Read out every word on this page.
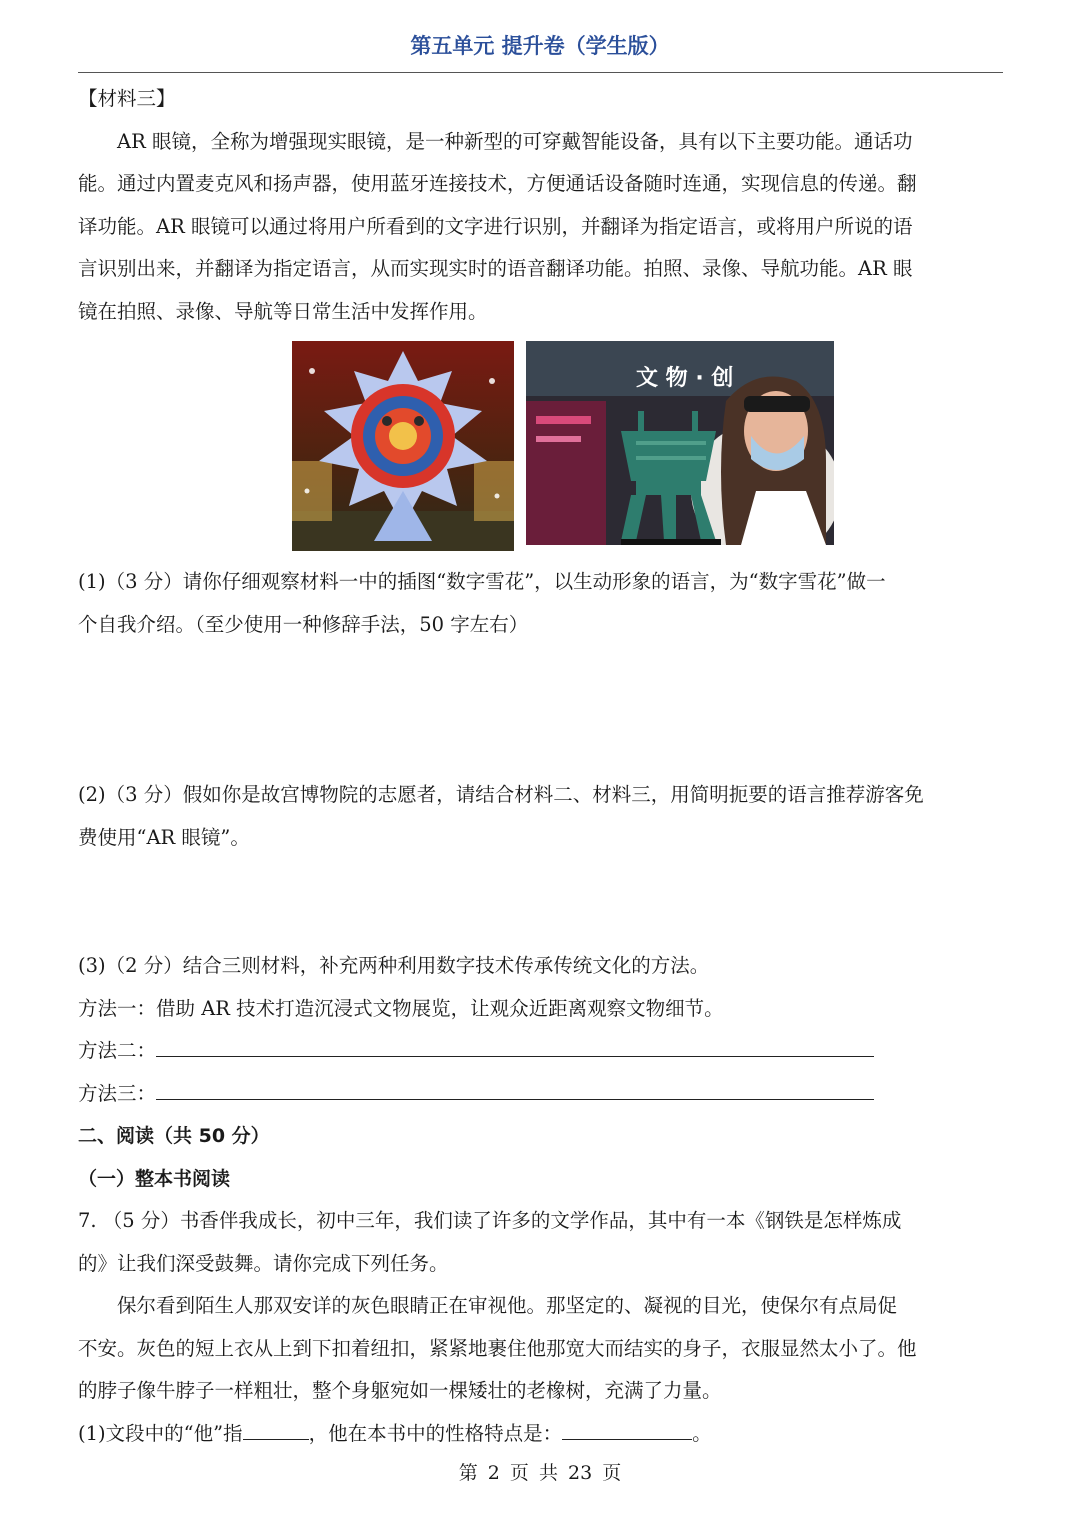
第五单元 提升卷（学生版）
【材料三】
AR 眼镜，全称为增强现实眼镜，是一种新型的可穿戴智能设备，具有以下主要功能。通话功
能。通过内置麦克风和扬声器，使用蓝牙连接技术，方便通话设备随时连通，实现信息的传递。翻
译功能。AR 眼镜可以通过将用户所看到的文字进行识别，并翻译为指定语言，或将用户所说的语
言识别出来，并翻译为指定语言，从而实现实时的语音翻译功能。拍照、录像、导航功能。AR 眼
镜在拍照、录像、导航等日常生活中发挥作用。
文 物 · 创
(1)（3 分）请你仔细观察材料一中的插图“数字雪花”，以生动形象的语言，为“数字雪花”做一
个自我介绍。（至少使用一种修辞手法，50 字左右）
(2)（3 分）假如你是故宫博物院的志愿者，请结合材料二、材料三，用简明扼要的语言推荐游客免
费使用“AR 眼镜”。
(3)（2 分）结合三则材料，补充两种利用数字技术传承传统文化的方法。
方法一：借助 AR 技术打造沉浸式文物展览，让观众近距离观察文物细节。
方法二：
方法三：
二、阅读（共 50 分）
（一）整本书阅读
7. （5 分）书香伴我成长，初中三年，我们读了许多的文学作品，其中有一本《钢铁是怎样炼成
的》让我们深受鼓舞。请你完成下列任务。
保尔看到陌生人那双安详的灰色眼睛正在审视他。那坚定的、凝视的目光，使保尔有点局促
不安。灰色的短上衣从上到下扣着纽扣，紧紧地裹住他那宽大而结实的身子，衣服显然太小了。他
的脖子像牛脖子一样粗壮，整个身躯宛如一棵矮壮的老橡树，充满了力量。
(1)文段中的“他”指	，他在本书中的性格特点是：	。
第 2 页 共 23 页
